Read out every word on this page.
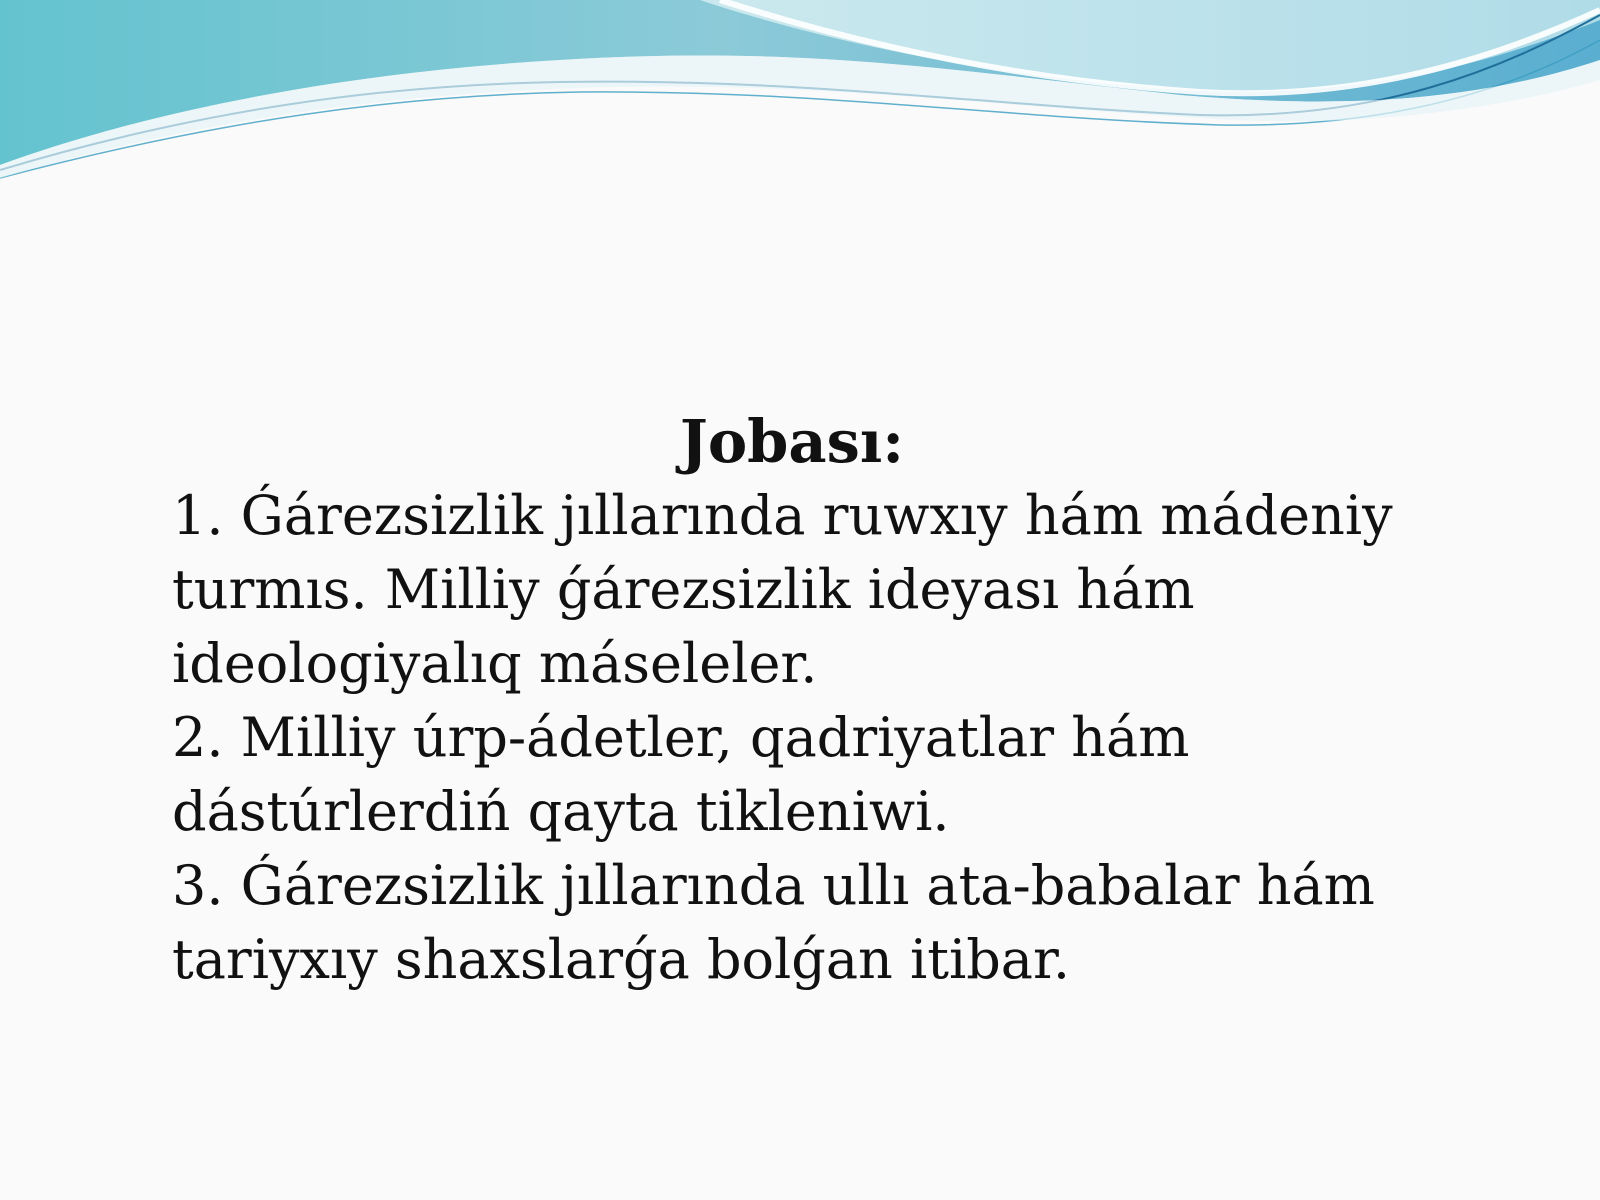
Jobası:
1. Ǵárezsizlik jıllarında ruwxıy hám mádeniy turmıs. Milliy ǵárezsizlik ideyası hám ideologiyalıq máseleler.
2. Milliy úrp-ádetler, qadriyatlar hám dástúrlerdiń qayta tikleniwi.
3. Ǵárezsizlik jıllarında ullı ata-babalar hám tariyxıy shaxslarǵa bolǵan itibar.
